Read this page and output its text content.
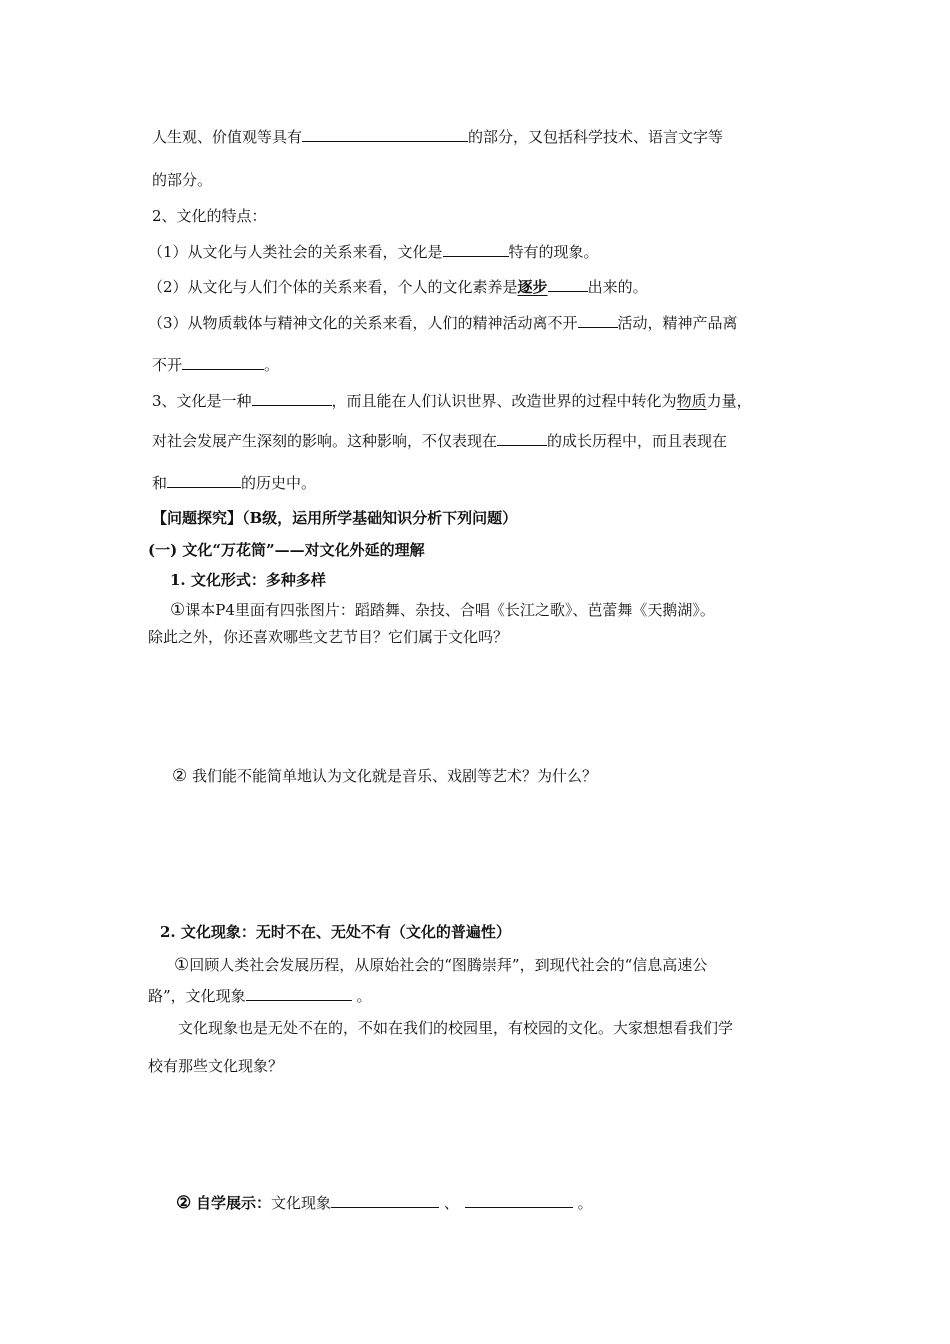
人生观、价值观等具有	的部分，又包括科学技术、语言文字等
的部分。
2、文化的特点：
（1）从文化与人类社会的关系来看，文化是	特有的现象。
（2）从文化与人们个体的关系来看，个人的文化素养是逐步	出来的。
（3）从物质载体与精神文化的关系来看，人们的精神活动离不开	活动，精神产品离
不开	。
3、文化是一种	，而且能在人们认识世界、改造世界的过程中转化为物质力量，
对社会发展产生深刻的影响。这种影响，不仅表现在	的成长历程中，而且表现在
和	的历史中。
【问题探究】（B级，运用所学基础知识分析下列问题）
(一) 文化“万花筒”——对文化外延的理解
1. 文化形式：多种多样
①课本P4里面有四张图片：蹈踏舞、杂技、合唱《长江之歌》、芭蕾舞《天鹅湖》。
除此之外，你还喜欢哪些文艺节目？它们属于文化吗？
② 我们能不能简单地认为文化就是音乐、戏剧等艺术？为什么？
2. 文化现象：无时不在、无处不有（文化的普遍性）
①回顾人类社会发展历程，从原始社会的“图腾崇拜”，到现代社会的“信息高速公
路”，文化现象	。
文化现象也是无处不在的，不如在我们的校园里，有校园的文化。大家想想看我们学
校有那些文化现象？
② 自学展示：文化现象	、	。
